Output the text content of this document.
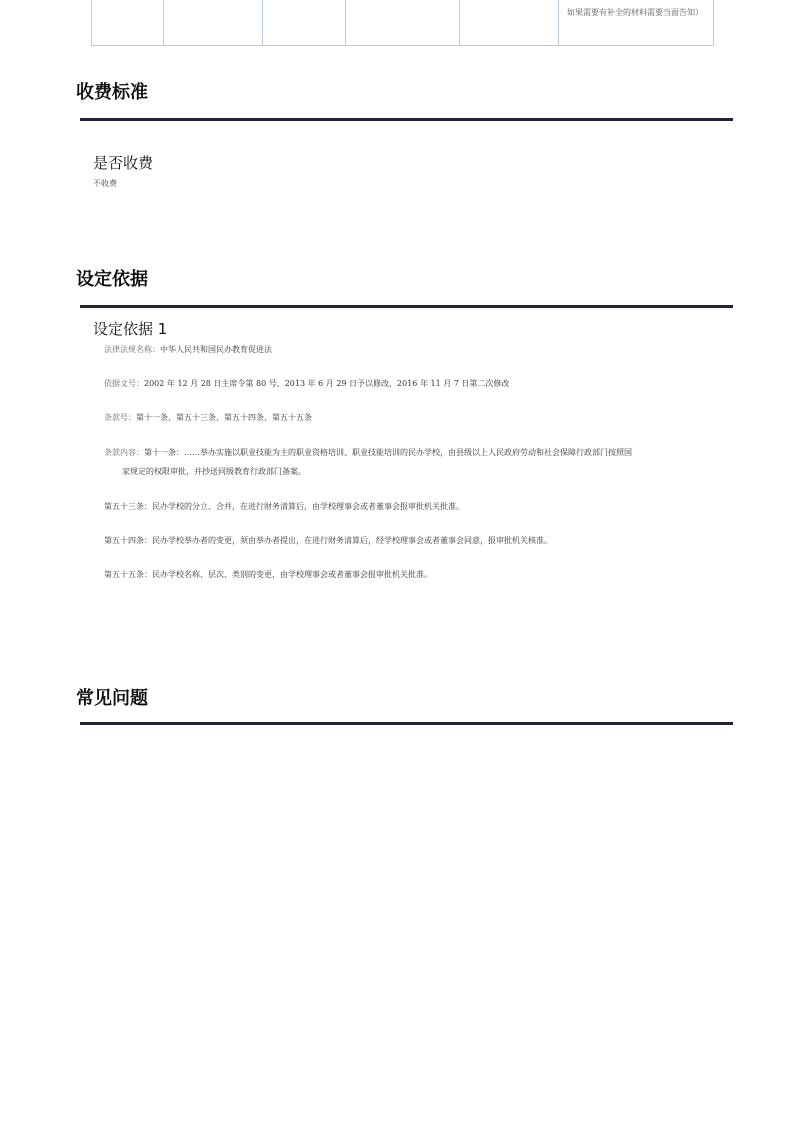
如果需要有补全的材料需要当面告知）
收费标准
是否收费
不收费
设定依据
设定依据 1
法律法规名称：中华人民共和国民办教育促进法
依据文号：2002 年 12 月 28 日主席令第 80 号，2013 年 6 月 29 日予以修改，2016 年 11 月 7 日第二次修改
条款号：第十一条、第五十三条、第五十四条、第五十五条
条款内容：第十一条：……举办实施以职业技能为主的职业资格培训、职业技能培训的民办学校，由县级以上人民政府劳动和社会保障行政部门按照国
家规定的权限审批，并抄送同级教育行政部门备案。
第五十三条：民办学校的分立、合并，在进行财务清算后，由学校理事会或者董事会报审批机关批准。
第五十四条：民办学校举办者的变更，须由举办者提出，在进行财务清算后，经学校理事会或者董事会同意，报审批机关核准。
第五十五条：民办学校名称、层次、类别的变更，由学校理事会或者董事会报审批机关批准。
常见问题
